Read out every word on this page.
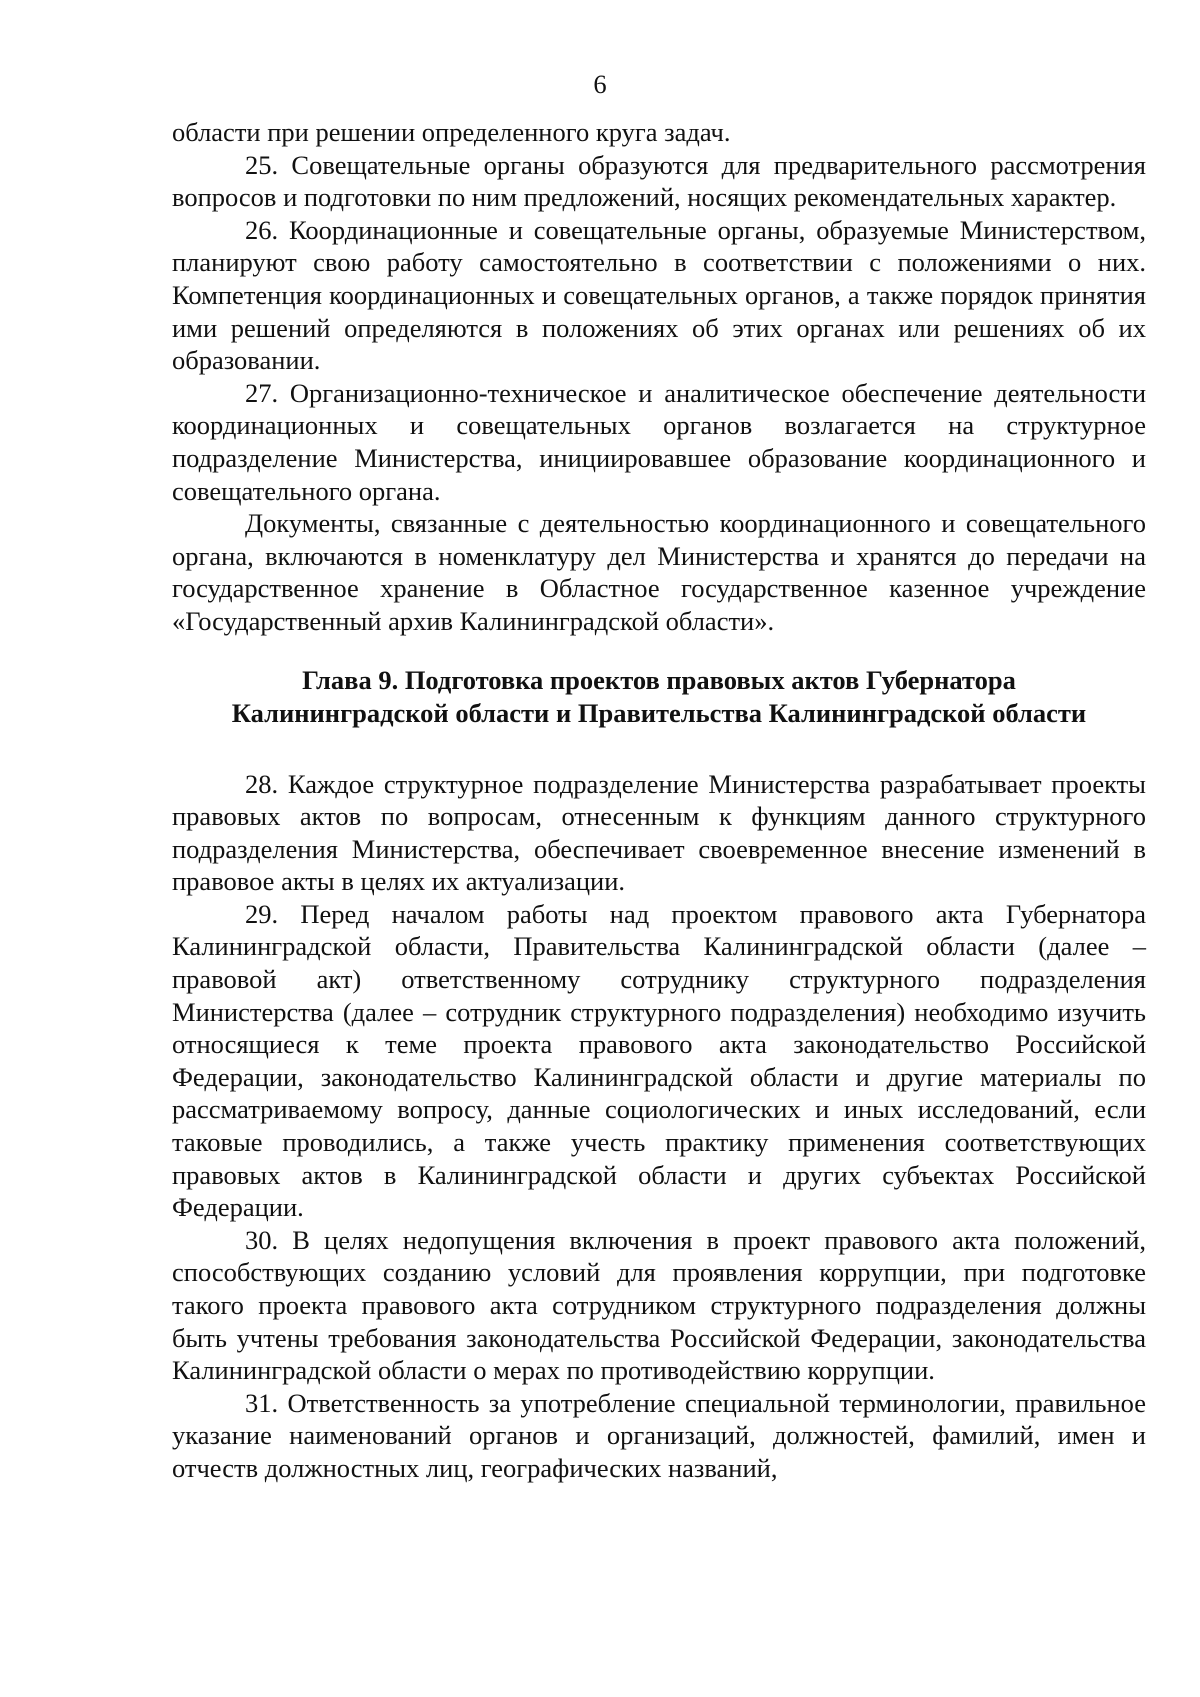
6

области при решении определенного круга задач.

25. Совещательные органы образуются для предварительного рассмотрения вопросов и подготовки по ним предложений, носящих рекомендательных характер.

26. Координационные и совещательные органы, образуемые Министерством, планируют свою работу самостоятельно в соответствии с положениями о них. Компетенция координационных и совещательных органов, а также порядок принятия ими решений определяются в положениях об этих органах или решениях об их образовании.

27. Организационно-техническое и аналитическое обеспечение деятельности координационных и совещательных органов возлагается на структурное подразделение Министерства, инициировавшее образование координационного и совещательного органа.

Документы, связанные с деятельностью координационного и совещательного органа, включаются в номенклатуру дел Министерства и хранятся до передачи на государственное хранение в Областное государственное казенное учреждение «Государственный архив Калининградской области».

Глава 9. Подготовка проектов правовых актов Губернатора
Калининградской области и Правительства Калининградской области

28. Каждое структурное подразделение Министерства разрабатывает проекты правовых актов по вопросам, отнесенным к функциям данного структурного подразделения Министерства, обеспечивает своевременное внесение изменений в правовое акты в целях их актуализации.

29. Перед началом работы над проектом правового акта Губернатора Калининградской области, Правительства Калининградской области (далее – правовой акт) ответственному сотруднику структурного подразделения Министерства (далее – сотрудник структурного подразделения) необходимо изучить относящиеся к теме проекта правового акта законодательство Российской Федерации, законодательство Калининградской области и другие материалы по рассматриваемому вопросу, данные социологических и иных исследований, если таковые проводились, а также учесть практику применения соответствующих правовых актов в Калининградской области и других субъектах Российской Федерации.

30. В целях недопущения включения в проект правового акта положений, способствующих созданию условий для проявления коррупции, при подготовке такого проекта правового акта сотрудником структурного подразделения должны быть учтены требования законодательства Российской Федерации, законодательства Калининградской области о мерах по противодействию коррупции.

31. Ответственность за употребление специальной терминологии, правильное указание наименований органов и организаций, должностей, фамилий, имен и отчеств должностных лиц, географических названий,
